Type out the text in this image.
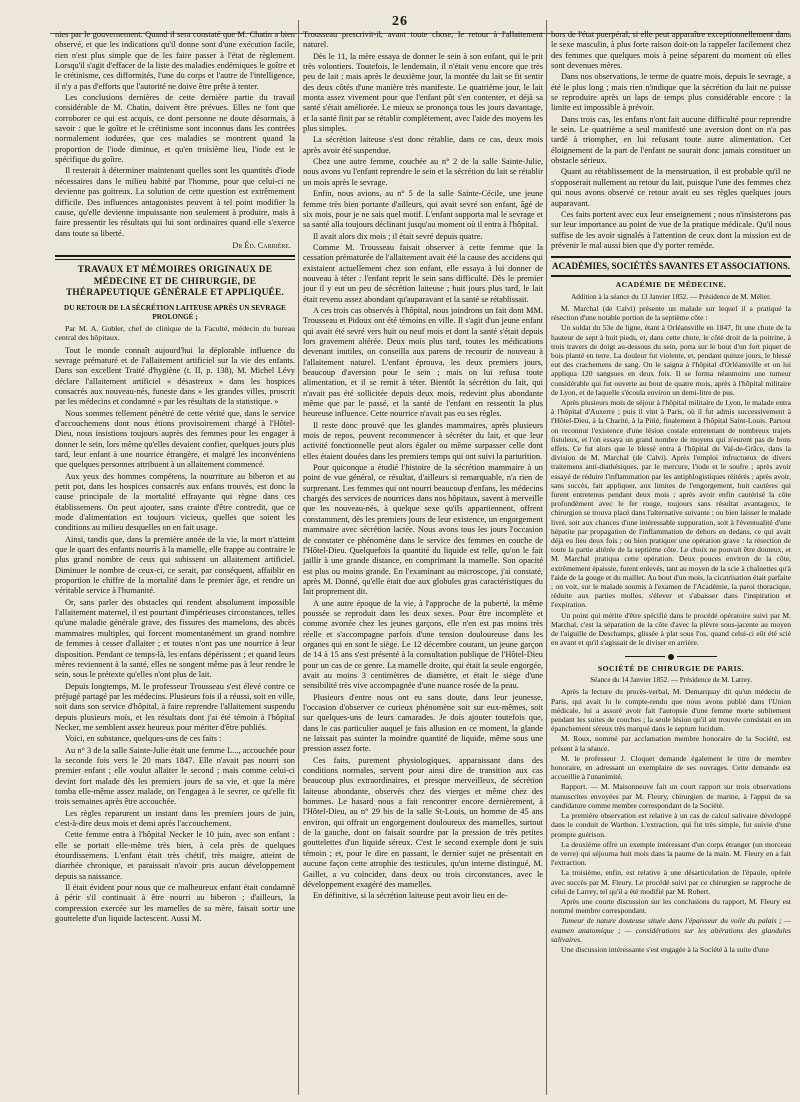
26

nies par le gouvernement. Quand il sera constaté que M. Chatin a bien observé, et que les indications qu'il donne sont d'une exécution facile, rien n'est plus simple que de les faire passer à l'état de règlement. Lorsqu'il s'agit d'effacer de la liste des maladies endémiques le goître et le crétinisme, ces difformités, l'une du corps et l'autre de l'intelligence, il n'y a pas d'efforts que l'autorité ne doive être prête à tenter.

Les conclusions dernières de cette dernière partie du travail considérable de M. Chatin, doivent être prévues. Elles ne font que corroborer ce qui est acquis, ce dont personne ne doute désormais, à savoir : que le goître et le crétinisme sont inconnus dans les contrées normalement iodurées, que ces maladies se montrent quand la proportion de l'iode diminue, et qu'en troisième lieu, l'iode est le spécifique du goître.

Il resterait à déterminer maintenant quelles sont les quantités d'iode nécessaires dans le milieu habité par l'homme, pour que celui-ci ne devienne pas goitreux. La solution de cette question est extrêmement difficile. Des influences antagonistes peuvent à tel point modifier la cause, qu'elle devienne impuissante non seulement à produire, mais à faire pressentir les résultats qui lui sont ordinaires quand elle s'exerce dans toute sa liberté.

Dr Éd. Carrière.
TRAVAUX ET MÉMOIRES ORIGINAUX DE MÉDECINE ET DE CHIRURGIE, DE THÉRAPEUTIQUE GÉNÉRALE ET APPLIQUÉE.
DU RETOUR DE LA SÉCRÉTION LAITEUSE APRÈS UN SEVRAGE PROLONGÉ ;
Par M. A. Gubler, chef de clinique de la Faculté, médecin du bureau central des hôpitaux.

Tout le monde connaît aujourd'hui la déplorable influence du sevrage prématuré et de l'allaitement artificiel sur la vie des enfants. Dans son excellent Traité d'hygiène (t. II, p. 138), M. Michel Lévy déclare l'allaitement artificiel « désastreux » dans les hospices consacrés aux nouveau-nés, funeste dans » les grandes villes, proscrit par les médecins et condamné » par les résultats de la statistique. »

Nous sommes tellement pénétré de cette vérité que, dans le service d'accouchemens dont nous étions provisoirement chargé à l'Hôtel-Dieu, nous insistions toujours auprès des femmes pour les engager à donner le sein, lors même qu'elles devaient confier, quelques jours plus tard, leur enfant à une nourrice étrangère, et malgré les inconvéniens que quelques personnes attribuent à un allaitement commencé.

Aux yeux des hommes compétens, la nourriture au biberon et au petit pot, dans les hospices consacrés aux enfans trouvés, est donc la cause principale de la mortalité effrayante qui règne dans ces établissemens. On peut ajouter, sans crainte d'être contredit, que ce mode d'alimentation est toujours vicieux, quelles que soient les conditions au milieu desquelles on en fait usage.

Ainsi, tandis que, dans la première année de la vie, la mort n'atteint que le quart des enfants nourris à la mamelle, elle frappe au contraire le plus grand nombre de ceux qui subissent un allaitement artificiel. Diminuer le nombre de ceux-ci, ce serait, par conséquent, affaiblir en proportion le chiffre de la mortalité dans le premier âge, et rendre un véritable service à l'humanité.

Or, sans parler des obstacles qui rendent absolument impossible l'allaitement maternel, il est pourtant d'impérieuses circonstances, telles qu'une maladie générale grave, des fissures des mamelons, des abcès mammaires multiples, qui forcent momentanément un grand nombre de femmes à cesser d'allaiter ; et toutes n'ont pas une nourrice à leur disposition. Pendant ce temps-là, les enfans dépérissent ; et quand leurs mères reviennent à la santé, elles ne songent même pas à leur rendre le sein, sous le prétexte qu'elles n'ont plus de lait.

Depuis longtemps, M. le professeur Trousseau s'est élevé contre ce préjugé partagé par les médecins. Plusieurs fois il a réussi, soit en ville, soit dans son service d'hôpital, à faire reprendre l'allaitement suspendu depuis plusieurs mois, et les résultats dont j'ai été témoin à l'hôpital Necker, me semblent assez heureux pour mériter d'être publiés.

Voici, en substance, quelques-uns de ces faits :

Au n° 3 de la salle Sainte-Julie était une femme L..., accouchée pour la seconde fois vers le 20 mars 1847. Elle n'avait pas nourri son premier enfant ; elle voulut allaiter le second ; mais comme celui-ci devint fort malade dès les premiers jours de sa vie, et que la mère tomba elle-même assez malade, on l'engagea à le sevrer, ce qu'elle fit trois semaines après être accouchée.

Les règles reparurent un instant dans les premiers jours de juin, c'est-à-dire deux mois et demi après l'accouchement.

Cette femme entra à l'hôpital Necker le 10 juin, avec son enfant : elle se portait elle-même très bien, à cela près de quelques étourdissemens. L'enfant était très chétif, très maigre, atteint de diarrhée chronique, et paraissait n'avoir pris aucun développement depuis sa naissance.

Il était évident pour nous que ce malheureux enfant était condamné à périr s'il continuait à être nourri au biberon ; d'ailleurs, la compression exercée sur les mamelles de sa mère, faisait sortir une gouttelette d'un liquide lactescent. Aussi M.

Trousseau prescrivit-il, avant toute chose, le retour à l'allaitement naturel.

Dès le 11, la mère essaya de donner le sein à son enfant, qui le prit très volontiers. Toutefois, le lendemain, il n'était venu encore que très peu de lait ; mais après le deuxième jour, la montée du lait se fit sentir des deux côtés d'une manière très manifeste. Le quatrième jour, le lait monta assez vivement pour que l'enfant pût s'en contenter, et déjà sa santé s'était améliorée. Le mieux se prononça tous les jours davantage, et la santé finit par se rétablir complètement, avec l'aide des moyens les plus simples.

La sécrétion laiteuse s'est donc rétablie, dans ce cas, deux mois après avoir été suspendue.

Chez une autre femme, couchée au n° 2 de la salle Sainte-Julie, nous avons vu l'enfant reprendre le sein et la sécrétion du lait se rétablir un mois après le sevrage.

Enfin, nous avions, au n° 5 de la salle Sainte-Cécile, une jeune femme très bien portante d'ailleurs, qui avait sevré son enfant, âgé de six mois, pour je ne sais quel motif. L'enfant supporta mal le sevrage et sa santé alla toujours déclinant jusqu'au moment où il entra à l'hôpital.

Il avait alors dix mois ; il était sevré depuis quatre.

Comme M. Trousseau faisait observer à cette femme que la cessation prématurée de l'allaitement avait été la cause des accidens qui existaient actuellement chez son enfant, elle essaya à lui donner de nouveau à téter : l'enfant reprit le sein sans difficulté. Dès le premier jour il y eut un peu de sécrétion laiteuse ; huit jours plus tard, le lait était revenu assez abondant qu'auparavant et la santé se rétablissait.

A ces trois cas observés à l'hôpital, nous joindrons un fait dont MM. Trousseau et Pidoux ont été témoins en ville. Il s'agit d'un jeune enfant qui avait été sevré vers huit ou neuf mois et dont la santé s'était depuis lors gravement altérée. Deux mois plus tard, toutes les médications devenant inutiles, on conseilla aux parens de recourir de nouveau à l'allaitement naturel. L'enfant éprouva, les deux premiers jours, beaucoup d'aversion pour le sein ; mais on lui refusa toute alimentation, et il se remit à téter. Bientôt la sécrétion du lait, qui n'avait pas été sollicitée depuis deux mois, redevint plus abondante même que par le passé, et la santé de l'enfant en ressentit la plus heureuse influence. Cette nourrice n'avait pas eu ses règles.

Il reste donc prouvé que les glandes mammaires, après plusieurs mois de repos, peuvent recommencer à sécréter du lait, et que leur activité fonctionnelle peut alors égaler ou même surpasser celle dont elles étaient douées dans les premiers temps qui ont suivi la parturition.

Pour quiconque a étudié l'histoire de la sécrétion mammaire à un point de vue général, ce résultat, d'ailleurs si remarquable, n'a rien de surprenant. Les femmes qui ont nourri beaucoup d'enfans, les médecins chargés des services de nourrices dans nos hôpitaux, savent à merveille que les nouveau-nés, à quelque sexe qu'ils appartiennent, offrent constamment, dès les premiers jours de leur existence, un engorgement mammaire avec sécrétion lactée. Nous avons tous les jours l'occasion de constater ce phénomène dans le service des femmes en couche de l'Hôtel-Dieu. Quelquefois la quantité du liquide est telle, qu'on le fait jaillir à une grande distance, en comprimant la mamelle. Son opacité est plus ou moins grande. En l'examinant au microscope, j'ai constaté, après M. Donné, qu'elle était due aux globules gras caractéristiques du lait proprement dit.

A une autre époque de la vie, à l'approche de la puberté, la même poussée se reproduit dans les deux sexes. Pour être incomplète et comme avortée chez les jeunes garçons, elle n'en est pas moins très réelle et s'accompagne parfois d'une tension douloureuse dans les organes qui en sont le siège. Le 12 décembre courant, un jeune garçon de 14 à 15 ans s'est présenté à la consultation publique de l'Hôtel-Dieu pour un cas de ce genre. La mamelle droite, qui était la seule engorgée, avait au moins 3 centimètres de diamètre, et était le siège d'une sensibilité très vive accompagnée d'une nuance rosée de la peau.

Plusieurs d'entre nous ont eu sans doute, dans leur jeunesse, l'occasion d'observer ce curieux phénomène soit sur eux-mêmes, soit sur quelques-uns de leurs camarades. Je dois ajouter toutefois que, dans le cas particulier auquel je fais allusion en ce moment, la glande ne laissait pas suinter la moindre quantité de liquide, même sous une pression assez forte.

Ces faits, purement physiologiques, apparaissant dans des conditions normales, servent pour ainsi dire de transition aux cas beaucoup plus extraordinaires, et presque merveilleux, de sécrétion laiteuse abondante, observés chez des vierges et même chez des hommes. Le hasard nous a fait rencontrer encore dernièrement, à l'Hôtel-Dieu, au n° 29 bis de la salle St-Louis, un homme de 45 ans environ, qui offrait un engorgement douloureux des mamelles, surtout de la gauche, dont on faisait sourdre par la pression de très petites gouttelettes d'un liquide séreux. C'est le second exemple dont je suis témoin ; et, pour le dire en passant, le dernier sujet ne présentait en aucune façon cette atrophie des testicules, qu'un interne distingué, M. Gaillet, a vu coïncider, dans deux ou trois circonstances, avec le développement exagéré des mamelles.

En définitive, si la sécrétion laiteuse peut avoir lieu en de-

hors de l'état puerpéral, si elle peut apparaître exceptionnellement dans le sexe masculin, à plus forte raison doit-on la rappeler facilement chez des femmes que quelques mois à peine séparent du moment où elles sont devenues mères.

Dans nos observations, le terme de quatre mois, depuis le sevrage, a été le plus long ; mais rien n'indique que la sécrétion du lait ne puisse se reproduire après un laps de temps plus considérable encore : la limite est impossible à prévoir.

Dans trois cas, les enfans n'ont fait aucune difficulté pour reprendre le sein. Le quatrième a seul manifesté une aversion dont on n'a pas tardé à triompher, en lui refusant toute autre alimentation. Cet éloignement de la part de l'enfant ne saurait donc jamais constituer un obstacle sérieux.

Quant au rétablissement de la menstruation, il est probable qu'il ne s'opposerait nullement au retour du lait, puisque l'une des femmes chez qui nous avons observé ce retour avait eu ses règles quelques jours auparavant.

Ces faits portent avec eux leur enseignement ; nous n'insisterons pas sur leur importance au point de vue de la pratique médicale. Qu'il nous suffise de les avoir signalés à l'attention de ceux dont la mission est de prévenir le mal aussi bien que d'y porter remède.

ACADÉMIES, SOCIÉTÉS SAVANTES ET ASSOCIATIONS.
ACADÉMIE DE MÉDECINE.
Addition à la séance du 13 Janvier 1852. — Présidence de M. Mélier.

M. Marchal (de Calvi) présente un malade sur lequel il a pratiqué la résection d'une notable portion de la septième côte :

Un soldat du 53e de ligne, étant à Orléansville en 1847, fit une chute de la hauteur de sept à huit pieds, et, dans cette chute, le côté droit de la poitrine, à trois travers de doigt au-dessous du sein, porta sur le bout d'un fort piquet de bois planté en terre. La douleur fut violente, et, pendant quinze jours, le blessé eut des crachemens de sang. On le saigna à l'hôpital d'Orléansville et on lui appliqua 120 sangsues en deux fois. Il se forma néanmoins une tumeur considérable qui fut ouverte au bout de quatre mois, après à l'hôpital militaire de Lyon, et de laquelle s'écoula environ un demi-litre de pus.

Après plusieurs mois de séjour à l'hôpital militaire de Lyon, le malade entra à l'hôpital d'Auxerre ; puis il vint à Paris, où il fut admis successivement à l'Hôtel-Dieu, à la Charité, à la Pitié, finalement à l'hôpital Saint-Louis. Partout on reconnut l'existence d'une lésion costale entretenant de nombreux trajets fistuleux, et l'on essaya un grand nombre de moyens qui n'eurent pas de bons effets. Ce fut alors que le blessé entra à l'hôpital du Val-de-Grâce, dans la division de M. Marchal (de Calvi). Après l'emploi infructueux de divers traitemens anti-diathésiques, par le mercure, l'iode et le soufre ; après avoir essayé de réduire l'inflammation par les antiphlogistiques réitérés ; après avoir, sans succès, fait appliquer, aux limites de l'engorgement, huit cautères qui furent entretenus pendant deux mois ; après avoir enfin cautérisé la côte profondément avec le fer rouge, toujours sans résultat avantageux, le chirurgien se trouva placé dans l'alternative suivante : ou bien laisser le malade livré, soit aux chances d'une intéressable suppuration, soit à l'éventualité d'une hépatite par propagation de l'inflammation de dehors en dedans, ce qui avait déjà eu lieu deux fois ; ou bien pratiquer une opération grave : la résection de toute la partie altérée de la septième côte. Le choix ne pouvait être douteux, et M. Marchal pratiqua cette opération. Deux pouces environ de la côte, extrêmement épaissie, furent enlevés, tant au moyen de la scie à chaînettes qu'à l'aide de la gouge et du maillet. Au bout d'un mois, la cicatrisation était parfaite ; on voit, sur le malade soumis à l'examen de l'Académie, la paroi thoracique, réduite aux parties molles, s'élever et s'abaisser dans l'inspiration et l'expiration.

Un point qui mérite d'être spécifié dans le procédé opératoire suivi par M. Marchal, c'est la séparation de la côte d'avec la plèvre sous-jacente au moyen de l'aiguille de Deschamps, glissée à plat sous l'os, quand celui-ci eût été scié en avant et qu'il s'agissait de le diviser en arrière.

SOCIÉTÉ DE CHIRURGIE DE PARIS.
Séance du 14 Janvier 1852. — Présidence de M. Larrey.

Après la lecture du procès-verbal, M. Demarquay dit qu'un médecin de Paris, qui avait lu le compte-rendu que nous avons publié dans l'Union médicale, lui a assuré avoir fait l'autopsie d'une femme morte subitement pendant les suites de couches ; la seule lésion qu'il ait trouvée consistait en un épanchement séreux très marqué dans le septum lucidum.

M. Roux, nommé par acclamation membre honoraire de la Société, est présent à la séance.

M. le professeur J. Cloquet demande également le titre de membre honoraire, en adressant un exemplaire de ses ouvrages. Cette demande est accueillie à l'unanimité.

Rapport. — M. Maisonneuve fait un court rapport sur trois observations manuscrites envoyées par M. Fleury, chirurgien de marine, à l'appui de sa candidature comme membre correspondant de la Société.

La première observation est relative à un cas de calcul salivaire développé dans le conduit de Warthon. L'extraction, qui fut très simple, fut suivie d'une prompte guérison.

La deuxième offre un exemple intéressant d'un corps étranger (un morceau de verre) qui séjourna huit mois dans la paume de la main. M. Fleury en a fait l'extraction.

La troisième, enfin, est relative à une désarticulation de l'épaule, opérée avec succès par M. Fleury. Le procédé suivi par ce chirurgien se rapproche de celui de Larrey, tel qu'il a été modifié par M. Robert.

Après une courte discussion sur les conclusions du rapport, M. Fleury est nommé membre correspondant.

Tumeur de nature douteuse située dans l'épaisseur du voile du palais ; — examen anatomique ; — considérations sur les altérations des glandules salivaires.

Une discussion intéressante s'est engagée à la Société à la suite d'une
